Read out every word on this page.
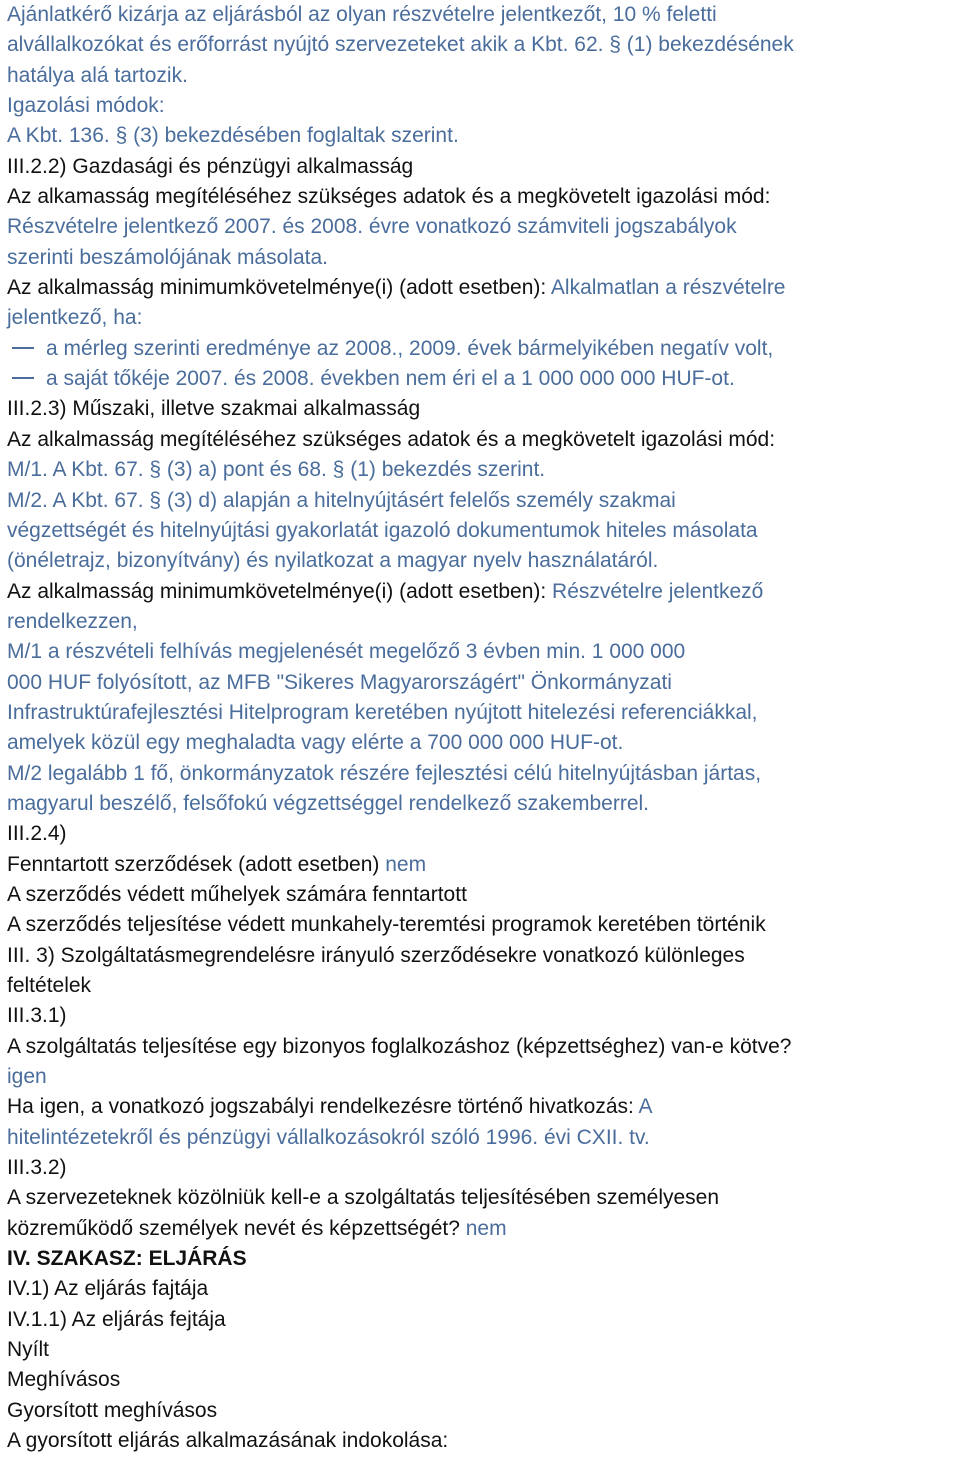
Ajánlatkérő kizárja az eljárásból az olyan részvételre jelentkezőt, 10 % feletti
alvállalkozókat és erőforrást nyújtó szervezeteket akik a Kbt. 62. § (1) bekezdésének
hatálya alá tartozik.
Igazolási módok:
A Kbt. 136. § (3) bekezdésében foglaltak szerint.
III.2.2) Gazdasági és pénzügyi alkalmasság
Az alkamasság megítéléséhez szükséges adatok és a megkövetelt igazolási mód:
Részvételre jelentkező 2007. és 2008. évre vonatkozó számviteli jogszabályok
szerinti beszámolójának másolata.
Az alkalmasság minimumkövetelménye(i) (adott esetben): Alkalmatlan a részvételre
jelentkező, ha:
a mérleg szerinti eredménye az 2008., 2009. évek bármelyikében negatív volt,
a saját tőkéje 2007. és 2008. években nem éri el a 1 000 000 000 HUF-ot.
III.2.3) Műszaki, illetve szakmai alkalmasság
Az alkalmasság megítéléséhez szükséges adatok és a megkövetelt igazolási mód:
M/1. A Kbt. 67. § (3) a) pont és 68. § (1) bekezdés szerint.
M/2. A Kbt. 67. § (3) d) alapján a hitelnyújtásért felelős személy szakmai
végzettségét és hitelnyújtási gyakorlatát igazoló dokumentumok hiteles másolata
(önéletrajz, bizonyítvány) és nyilatkozat a magyar nyelv használatáról.
Az alkalmasság minimumkövetelménye(i) (adott esetben): Részvételre jelentkező
rendelkezzen,
M/1 a részvételi felhívás megjelenését megelőző 3 évben min. 1 000 000
000 HUF folyósított, az MFB "Sikeres Magyarországért" Önkormányzati
Infrastruktúrafejlesztési Hitelprogram keretében nyújtott hitelezési referenciákkal,
amelyek közül egy meghaladta vagy elérte a 700 000 000 HUF-ot.
M/2 legalább 1 fő, önkormányzatok részére fejlesztési célú hitelnyújtásban jártas,
magyarul beszélő, felsőfokú végzettséggel rendelkező szakemberrel.
III.2.4)
Fenntartott szerződések (adott esetben) nem
A szerződés védett műhelyek számára fenntartott
A szerződés teljesítése védett munkahely-teremtési programok keretében történik
III. 3) Szolgáltatásmegrendelésre irányuló szerződésekre vonatkozó különleges
feltételek
III.3.1)
A szolgáltatás teljesítése egy bizonyos foglalkozáshoz (képzettséghez) van-e kötve?
igen
Ha igen, a vonatkozó jogszabályi rendelkezésre történő hivatkozás: A
hitelintézetekről és pénzügyi vállalkozásokról szóló 1996. évi CXII. tv.
III.3.2)
A szervezeteknek közölniük kell-e a szolgáltatás teljesítésében személyesen
közreműködő személyek nevét és képzettségét? nem
IV. SZAKASZ: ELJÁRÁS
IV.1) Az eljárás fajtája
IV.1.1) Az eljárás fejtája
Nyílt
Meghívásos
Gyorsított meghívásos
A gyorsított eljárás alkalmazásának indokolása:
